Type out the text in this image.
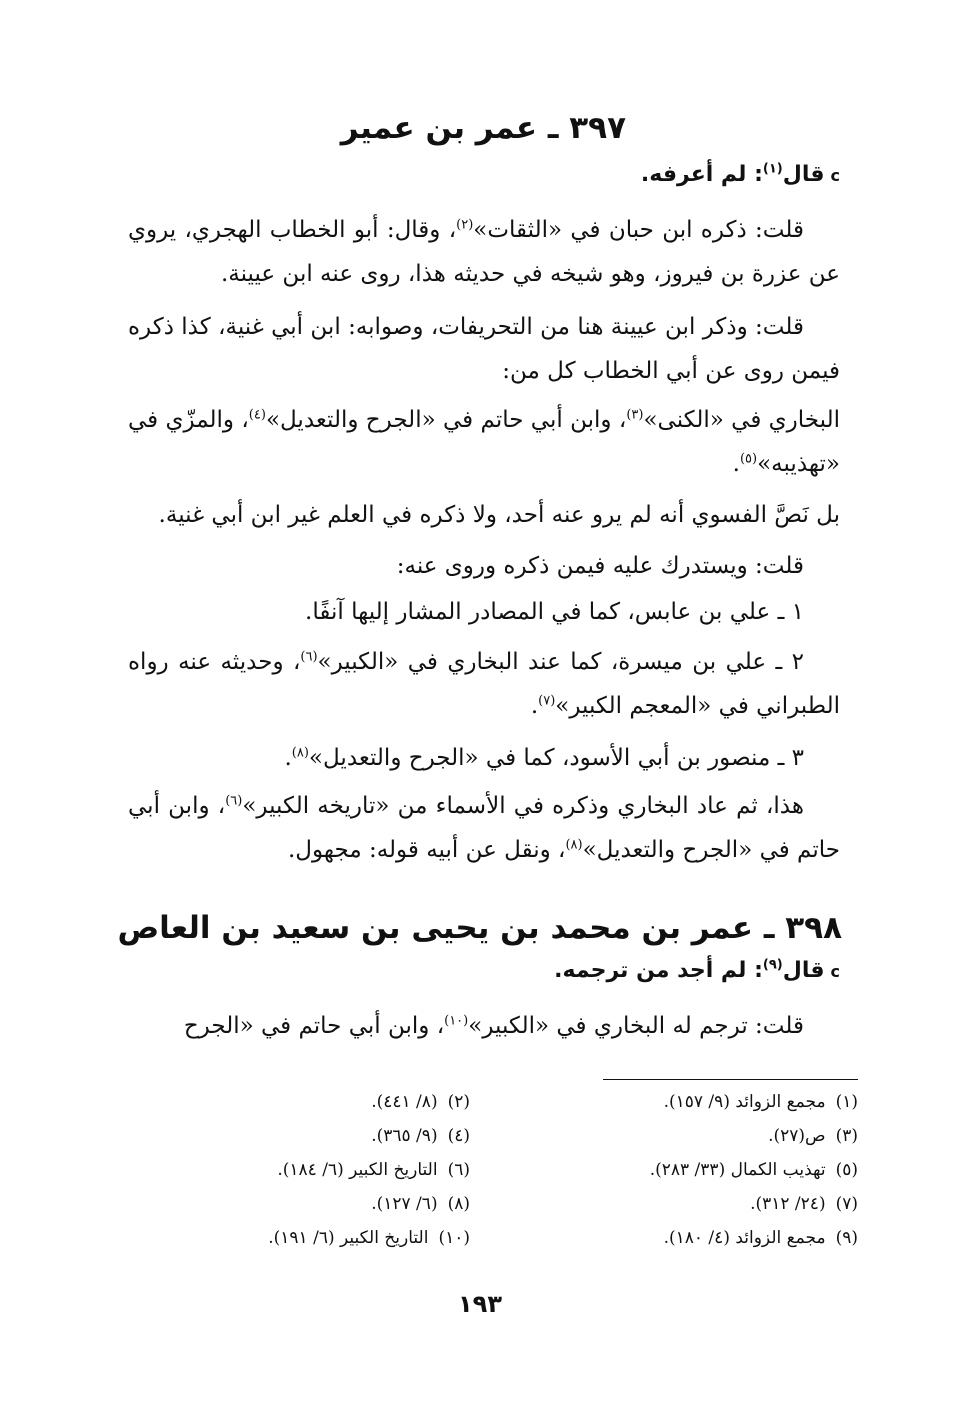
٣٩٧ ـ عمر بن عمير
ϲقال$^{(١)}$: لم أعرفه.
قلت: ذكره ابن حبان في «الثقات»$^{(٢)}$، وقال: أبو الخطاب الهجري، يروي عن عزرة بن فيروز، وهو شيخه في حديثه هذا، روى عنه ابن عيينة.
قلت: وذكر ابن عيينة هنا من التحريفات، وصوابه: ابن أبي غنية، كذا ذكره فيمن روى عن أبي الخطاب كل من:
البخاري في «الكنى»$^{(٣)}$، وابن أبي حاتم في «الجرح والتعديل»$^{(٤)}$، والمزّي في «تهذيبه»$^{(٥)}$.
بل نَصَّ الفسوي أنه لم يرو عنه أحد، ولا ذكره في العلم غير ابن أبي غنية.
قلت: ويستدرك عليه فيمن ذكره وروى عنه:
١ ـ علي بن عابس، كما في المصادر المشار إليها آنفًا.
٢ ـ علي بن ميسرة، كما عند البخاري في «الكبير»$^{(٦)}$، وحديثه عنه رواه الطبراني في «المعجم الكبير»$^{(٧)}$.
٣ ـ منصور بن أبي الأسود، كما في «الجرح والتعديل»$^{(٨)}$.
هذا، ثم عاد البخاري وذكره في الأسماء من «تاريخه الكبير»$^{(٦)}$، وابن أبي حاتم في «الجرح والتعديل»$^{(٨)}$، ونقل عن أبيه قوله: مجهول.
٣٩٨ ـ عمر بن محمد بن يحيى بن سعيد بن العاص
ϲقال$^{(٩)}$: لم أجد من ترجمه.
قلت: ترجم له البخاري في «الكبير»$^{(١٠)}$، وابن أبي حاتم في «الجرح
(١)مجمع الزوائد (٩/ ١٥٧).
(٢)(٨/ ٤٤١).
(٣)ص(٢٧).
(٤)(٩/ ٣٦٥).
(٥)تهذيب الكمال (٣٣/ ٢٨٣).
(٦)التاريخ الكبير (٦/ ١٨٤).
(٧)(٢٤/ ٣١٢).
(٨)(٦/ ١٢٧).
(٩)مجمع الزوائد (٤/ ١٨٠).
(١٠)التاريخ الكبير (٦/ ١٩١).
١٩٣
